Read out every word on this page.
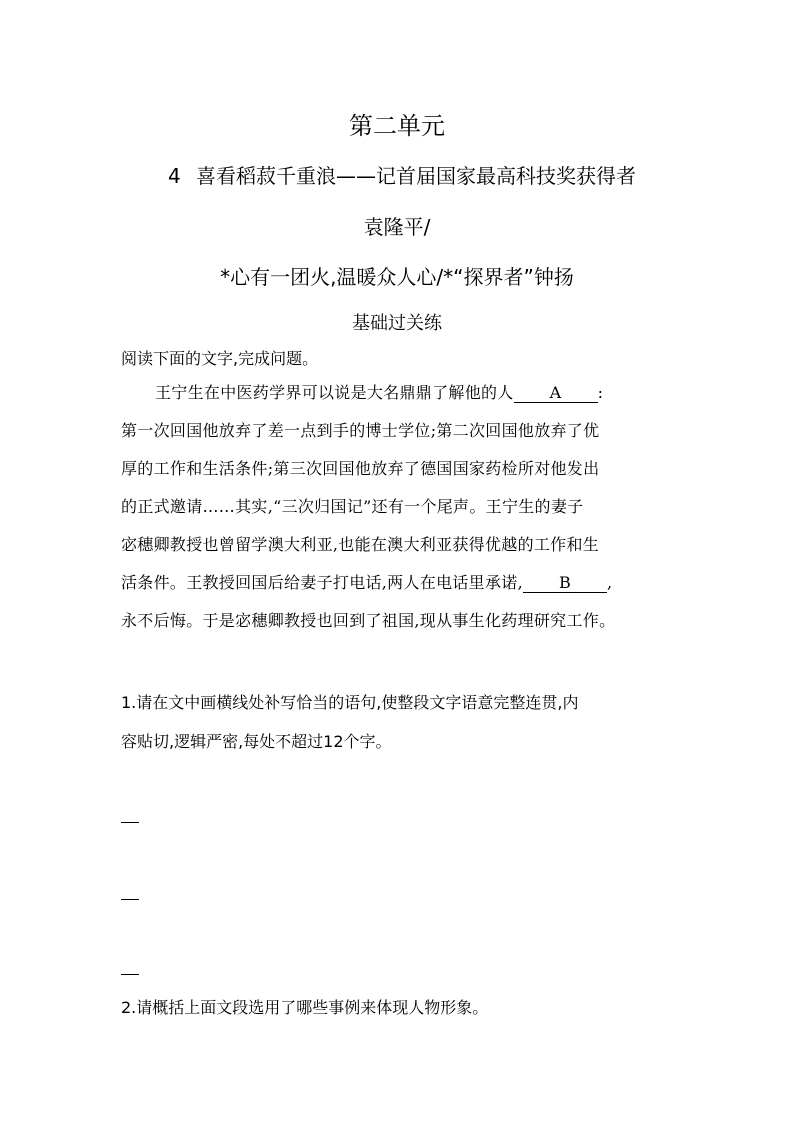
第二单元
4 喜看稻菽千重浪——记首届国家最高科技奖获得者
袁隆平/
*心有一团火,温暖众人心/*“探界者”钟扬
基础过关练
阅读下面的文字,完成问题。
王宁生在中医药学界可以说是大名鼎鼎了解他的人 A :
第一次回国他放弃了差一点到手的博士学位;第二次回国他放弃了优
厚的工作和生活条件;第三次回国他放弃了德国国家药检所对他发出
的正式邀请……其实,“三次归国记”还有一个尾声。王宁生的妻子
宓穗卿教授也曾留学澳大利亚,也能在澳大利亚获得优越的工作和生
活条件。王教授回国后给妻子打电话,两人在电话里承诺, B ,
永不后悔。于是宓穗卿教授也回到了祖国,现从事生化药理研究工作。
1.请在文中画横线处补写恰当的语句,使整段文字语意完整连贯,内
容贴切,逻辑严密,每处不超过12个字。
2.请概括上面文段选用了哪些事例来体现人物形象。
